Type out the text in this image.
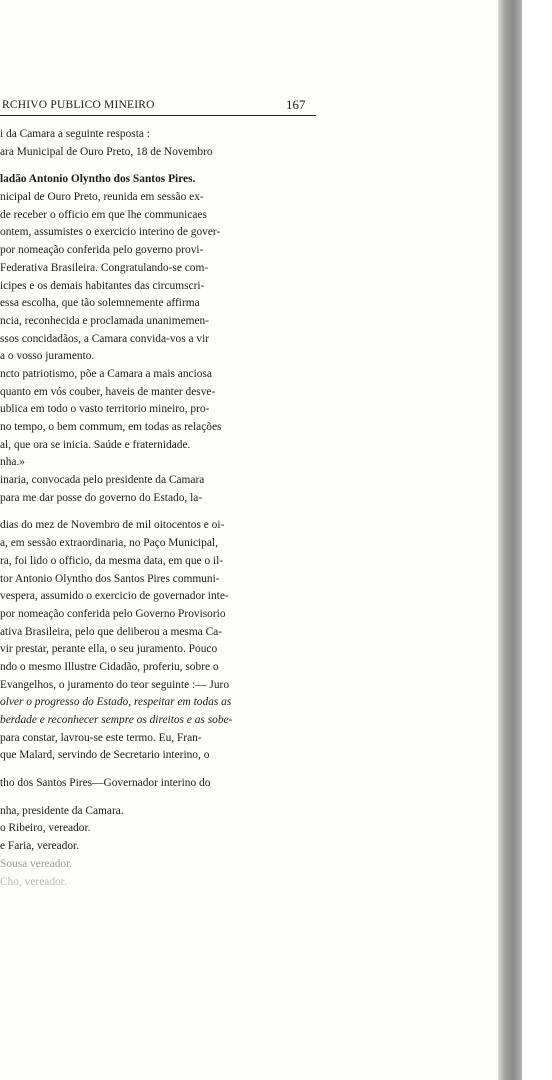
RCHIVO PUBLICO MINEIRO	167
i da Camara a seguinte resposta :
ara Municipal de Ouro Preto, 18 de Novembro
ladão Antonio Olyntho dos Santos Pires.
nicipal de Ouro Preto, reunida em sessão ex-
de receber o officio em que lhe communicaes
ontem, assumistes o exercicio interino de gover-
por nomeação conferida pelo governo provi-
Federativa Brasileira. Congratulando-se com-
icipes e os demais habitantes das circumscri-
essa escolha, que tão solemnemente affirma
ncia, reconhecida e proclamada unanimemen-
ssos concidadãos, a Camara convida-vos a vir
a o vosso juramento.
ncto patriotismo, põe a Camara a mais anciosa
quanto em vós couber, haveis de manter desve-
ublica em todo o vasto territorio mineiro, pro-
no tempo, o bem commum, em todas as relações
al, que ora se inicia. Saúde e fraternidade.
nha.»
inaria, convocada pelo presidente da Camara
para me dar posse do governo do Estado, la-
dias do mez de Novembro de mil oitocentos e oi-
a, em sessão extraordinaria, no Paço Municipal,
ra, foi lido o officio, da mesma data, em que o il-
tor Antonio Olyntho dos Santos Pires communi-
vespera, assumido o exercicio de governador inte-
por nomeação conferida pelo Governo Provisorio
ativa Brasileira, pelo que deliberou a mesma Ca-
vir prestar, perante ella, o seu juramento. Pouco
ndo o mesmo Illustre Cidadão, proferiu, sobre o
Evangelhos, o juramento do teor seguinte :— Juro
olver o progresso do Estado, respeitar em todas as
berdade e reconhecer sempre os direitos e as sobe-
para constar, lavrou-se este termo. Eu, Fran-
que Malard, servindo de Secretario interino, o
tho dos Santos Pires—Governador interino do
nha, presidente da Camara.
o Ribeiro, vereador.
e Faria, vereador.
Sousa vereador.
Cho, vereador.
